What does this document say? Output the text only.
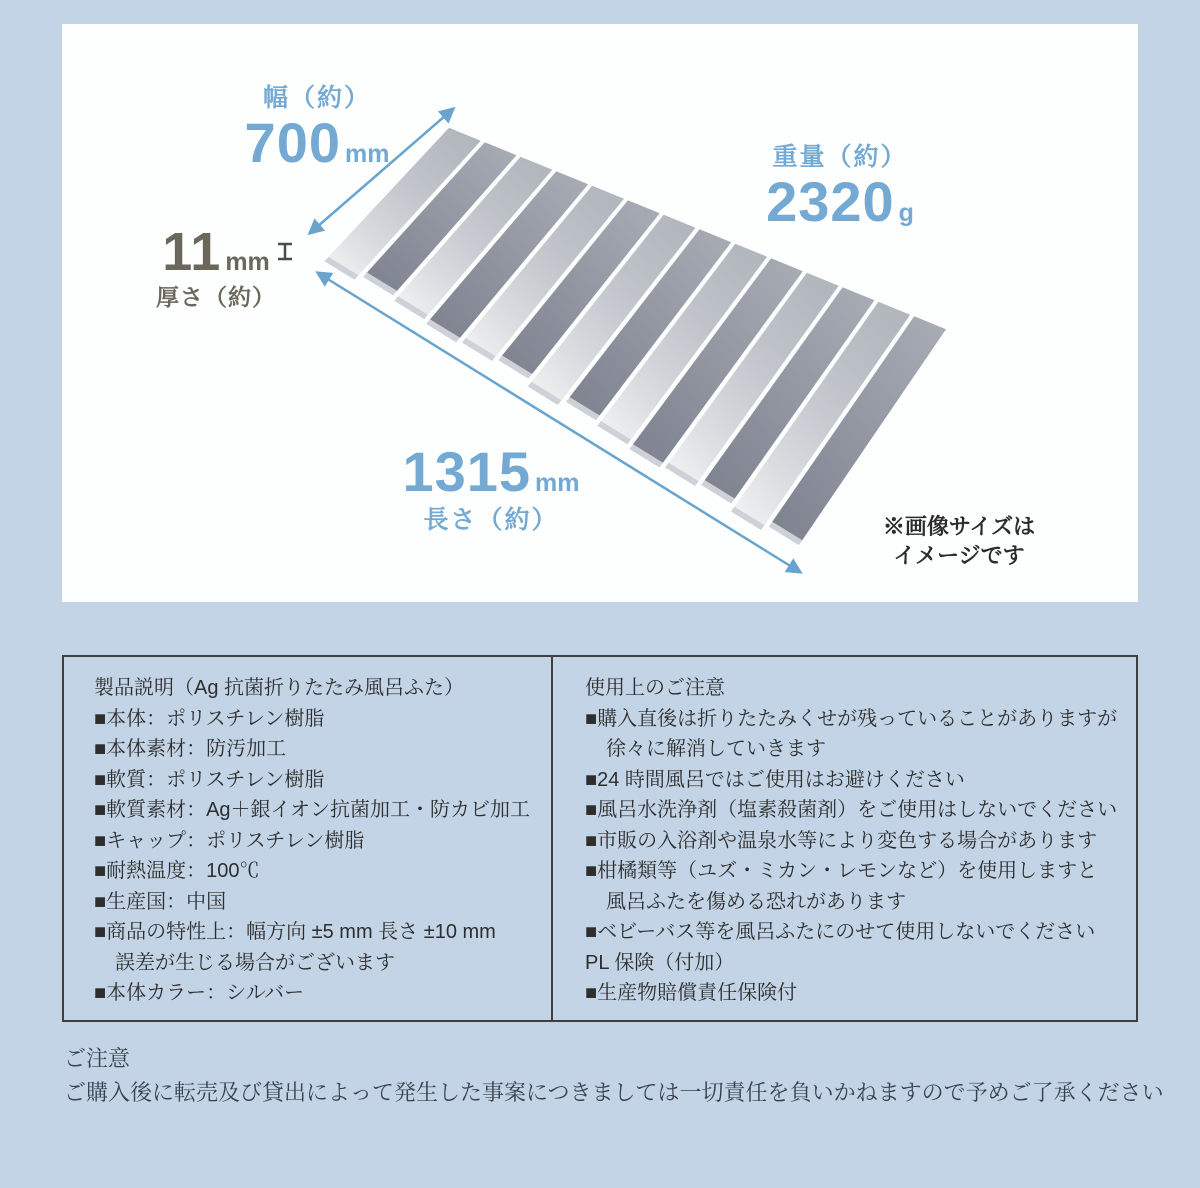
幅（約）
700 mm	重量（約）
2320 g
11 mm
厚さ（約）
1315 mm
長さ（約）	※画像サイズは
イメージです
製品説明（Ag 抗菌折りたたみ風呂ふた）
■本体：ポリスチレン樹脂
■本体素材：防汚加工
■軟質：ポリスチレン樹脂
■軟質素材：Ag＋銀イオン抗菌加工・防カビ加工
■キャップ：ポリスチレン樹脂
■耐熱温度：100℃
■生産国：中国
■商品の特性上：幅方向 ±5 mm 長さ ±10 mm
誤差が生じる場合がございます
■本体カラー：シルバー
使用上のご注意
■購入直後は折りたたみくせが残っていることがありますが
徐々に解消していきます
■24 時間風呂ではご使用はお避けください
■風呂水洗浄剤（塩素殺菌剤）をご使用はしないでください
■市販の入浴剤や温泉水等により変色する場合があります
■柑橘類等（ユズ・ミカン・レモンなど）を使用しますと
風呂ふたを傷める恐れがあります
■ベビーバス等を風呂ふたにのせて使用しないでください
PL 保険（付加）
■生産物賠償責任保険付
ご注意
ご購入後に転売及び貸出によって発生した事案につきましては一切責任を負いかねますので予めご了承ください
